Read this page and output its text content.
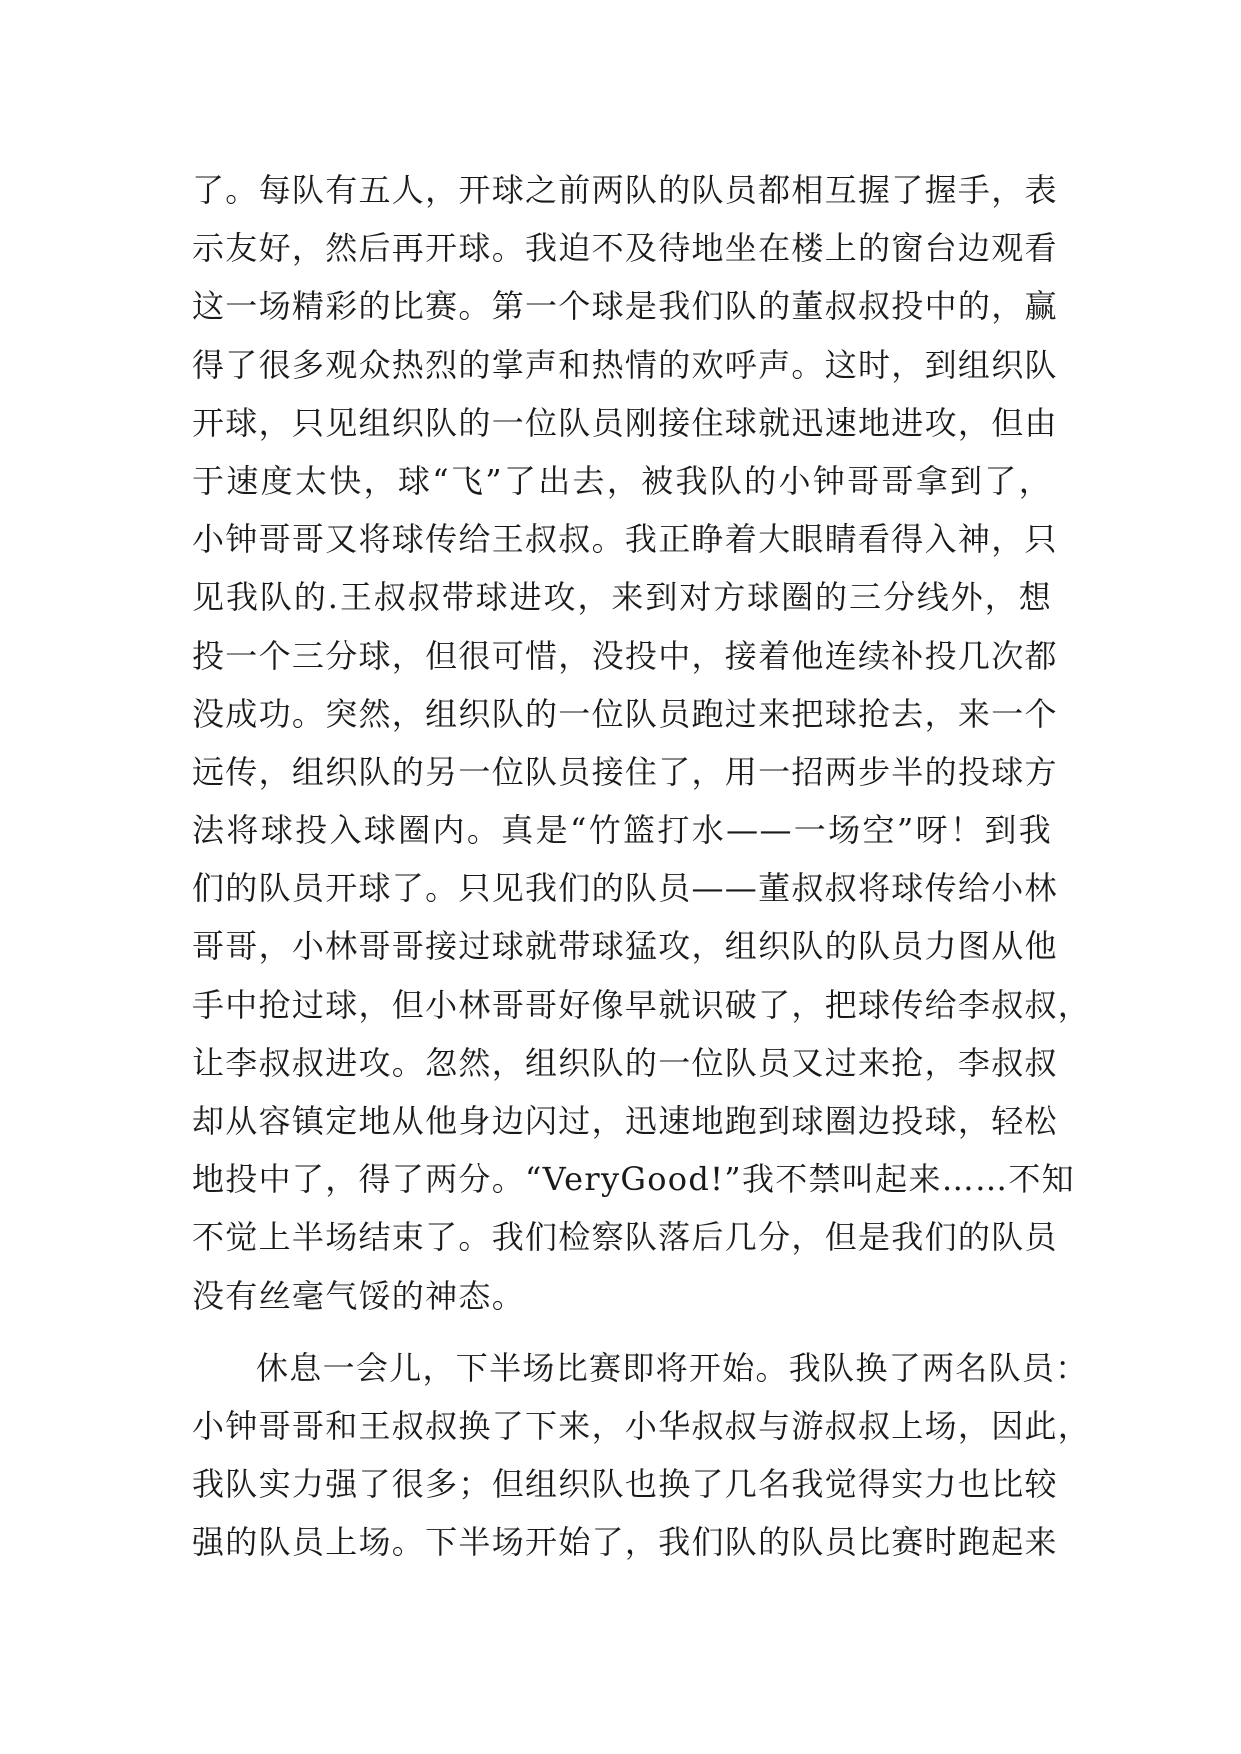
了。每队有五人，开球之前两队的队员都相互握了握手，表
示友好，然后再开球。我迫不及待地坐在楼上的窗台边观看
这一场精彩的比赛。第一个球是我们队的董叔叔投中的，赢
得了很多观众热烈的掌声和热情的欢呼声。这时，到组织队
开球，只见组织队的一位队员刚接住球就迅速地进攻，但由
于速度太快，球“飞”了出去，被我队的小钟哥哥拿到了，
小钟哥哥又将球传给王叔叔。我正睁着大眼睛看得入神，只
见我队的.王叔叔带球进攻，来到对方球圈的三分线外，想
投一个三分球，但很可惜，没投中，接着他连续补投几次都
没成功。突然，组织队的一位队员跑过来把球抢去，来一个
远传，组织队的另一位队员接住了，用一招两步半的投球方
法将球投入球圈内。真是“竹篮打水——一场空”呀！到我
们的队员开球了。只见我们的队员——董叔叔将球传给小林
哥哥，小林哥哥接过球就带球猛攻，组织队的队员力图从他
手中抢过球，但小林哥哥好像早就识破了，把球传给李叔叔，
让李叔叔进攻。忽然，组织队的一位队员又过来抢，李叔叔
却从容镇定地从他身边闪过，迅速地跑到球圈边投球，轻松
地投中了，得了两分。“VeryGood!”我不禁叫起来……不知
不觉上半场结束了。我们检察队落后几分，但是我们的队员
没有丝毫气馁的神态。
休息一会儿，下半场比赛即将开始。我队换了两名队员：
小钟哥哥和王叔叔换了下来，小华叔叔与游叔叔上场，因此，
我队实力强了很多；但组织队也换了几名我觉得实力也比较
强的队员上场。下半场开始了，我们队的队员比赛时跑起来
